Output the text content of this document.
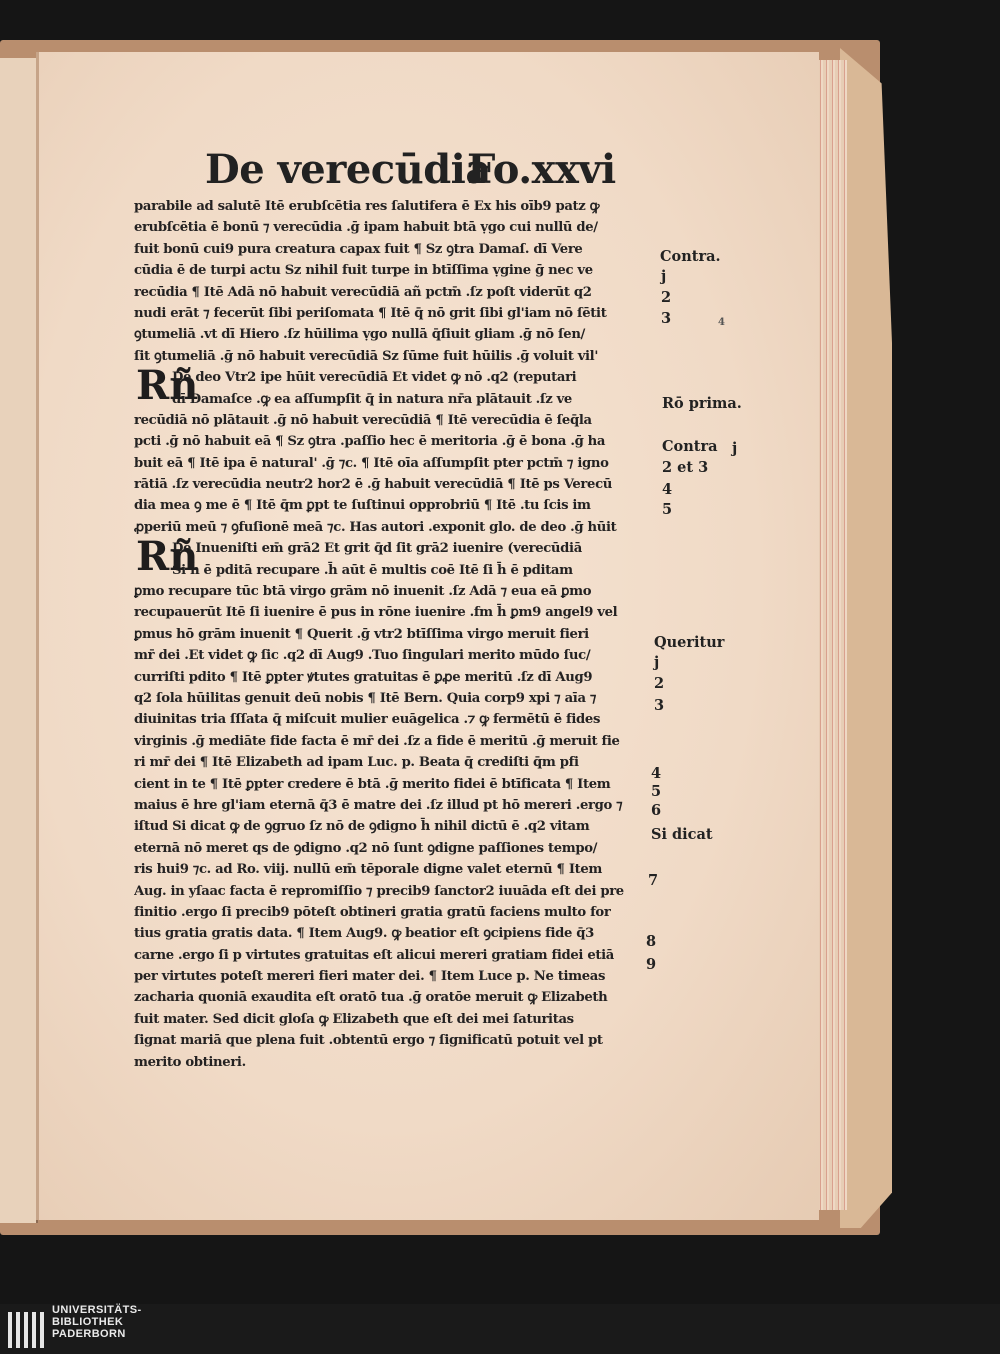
De verecūdia
Fo.xxvi
parabile ad salutē Itē erubſcētia res ſalutifera ē Ex his oīb9 patz ꝙ
erubſcētia ē bonū ⁊ verecūdia .ḡ ipam habuit btā ṿgo cui nullū de/
fuit bonū cui9 pura creatura capax fuit ¶ Sz ꝯtra Damaſ. dī Vere
cūdia ē de turpi actu Sz nihil fuit turpe in btīſſima ṿgine ḡ nec ve
recūdia ¶ Itē Adā nō habuit verecūdiā añ pctm̄ .ſz poſt viderūt q2
nudi erāt ⁊ fecerūt ſibi periſomata ¶ Itē q̄ nō grit ſibi gl'iam nō ſētit
ꝯtumeliā .vt dī Hiero .ſz hūilima ṿgo nullā q̄ſiuit gliam .ḡ nō ſen/
ſit ꝯtumeliā .ḡ nō habuit verecūdiā Sz ſūme fuit hūilis .ḡ voluit vil'
De deo Vtr2 ipe hūit verecūdiā Et videt ꝙ nō .q2 (reputari
dī Damaſce .ꝙ ea aſſumpſit q̄ in natura nr̄a plātauit .ſz ve
recūdiā nō plātauit .ḡ nō habuit verecūdiā ¶ Itē verecūdia ē ſeq̄la
pcti .ḡ nō habuit eā ¶ Sz ꝯtra .paſſio hec ē meritoria .ḡ ē bona .ḡ ha
buit eā ¶ Itē ipa ē natural' .ḡ ⁊c. ¶ Itē oīa aſſumpſit pter pctm̄ ⁊ igno
rātiā .ſz verecūdia neutr2 hor2 ē .ḡ habuit verecūdiā ¶ Itē ps Verecū
dia mea ꝯ me ē ¶ Itē q̄m ꝑpt te ſuſtinui opprobriū ¶ Itē .tu ſcis im
ꝓperiū meū ⁊ ꝯfuſionē meā ⁊c. Has autori .exponit glo. de deo .ḡ hūit
De Inueniſti em̄ grā2 Et grit q̄d ſit grā2 iuenire (verecūdiā
Si h̄ ē pditā recupare .h̄ aūt ē multis coē Itē ſi h̄ ē pditam
ꝑmo recupare tūc btā virgo grām nō inuenit .ſz Adā ⁊ eua eā ꝑmo
recupauerūt Itē ſi iuenire ē pus in rōne iuenire .fm h̄ ꝑm9 angel9 vel
ꝑmus hō grām inuenit ¶ Querit .ḡ vtr2 btīſſima virgo meruit fieri
mr̄ dei .Et videt ꝙ ſic .q2 dī Aug9 .Tuo ſingulari merito mūdo ſuc/
curriſti pdito ¶ Itē ꝑpter ꝟtutes gratuitas ē ꝑꝓe meritū .ſz dī Aug9
q2 ſola hūilitas genuit deū nobis ¶ Itē Bern. Quia corp9 xpi ⁊ aīa ⁊
diuinitas tria ſſſata q̄ miſcuit mulier euāgelica .⁊ ꝙ fermētū ē fides
virginis .ḡ mediāte fide facta ē mr̄ dei .ſz a fide ē meritū .ḡ meruit fie
ri mr̄ dei ¶ Itē Elizabeth ad ipam Luc. p. Beata q̄ crediſti q̄m pfi
cient in te ¶ Itē ꝑpter credere ē btā .ḡ merito fidei ē btīficata ¶ Item
maius ē hre gl'iam eternā q̄3 ē matre dei .ſz illud pt hō mereri .ergo ⁊
iſtud Si dicat ꝙ de ꝯgruo ſz nō de ꝯdigno h̄ nihil dictū ē .q2 vitam
eternā nō meret qs de ꝯdigno .q2 nō ſunt ꝯdigne paſſiones tempo/
ris hui9 ⁊c. ad Ro. viij. nullū em̄ tēporale digne valet eternū ¶ Item
Aug. in yſaac facta ē repromiſſio ⁊ precib9 ſanctor2 iuuāda eſt dei pre
finitio .ergo ſi precib9 pōteſt obtineri gratia gratū faciens multo for
tius gratia gratis data. ¶ Item Aug9. ꝙ beatior eſt ꝯcipiens fide q̄3
carne .ergo ſi p virtutes gratuitas eſt alicui mereri gratiam fidei etiā
per virtutes poteſt mereri fieri mater dei. ¶ Item Luce p. Ne timeas
zacharia quoniā exaudita eſt oratō tua .ḡ oratōe meruit ꝙ Elizabeth
fuit mater. Sed dicit gloſa ꝙ Elizabeth que eſt dei mei ſaturitas
ſignat mariā que plena fuit .obtentū ergo ⁊ ſignificatū potuit vel pt
merito obtineri.
Rñ
Rñ
Contra.
j
2
3	4
Rō prima.
Contra j
2 et 3
4
5
Queritur
j
2
3
4
5
6
Si dicat
7
8
9
UNIVERSITÄTS-
BIBLIOTHEK
PADERBORN
